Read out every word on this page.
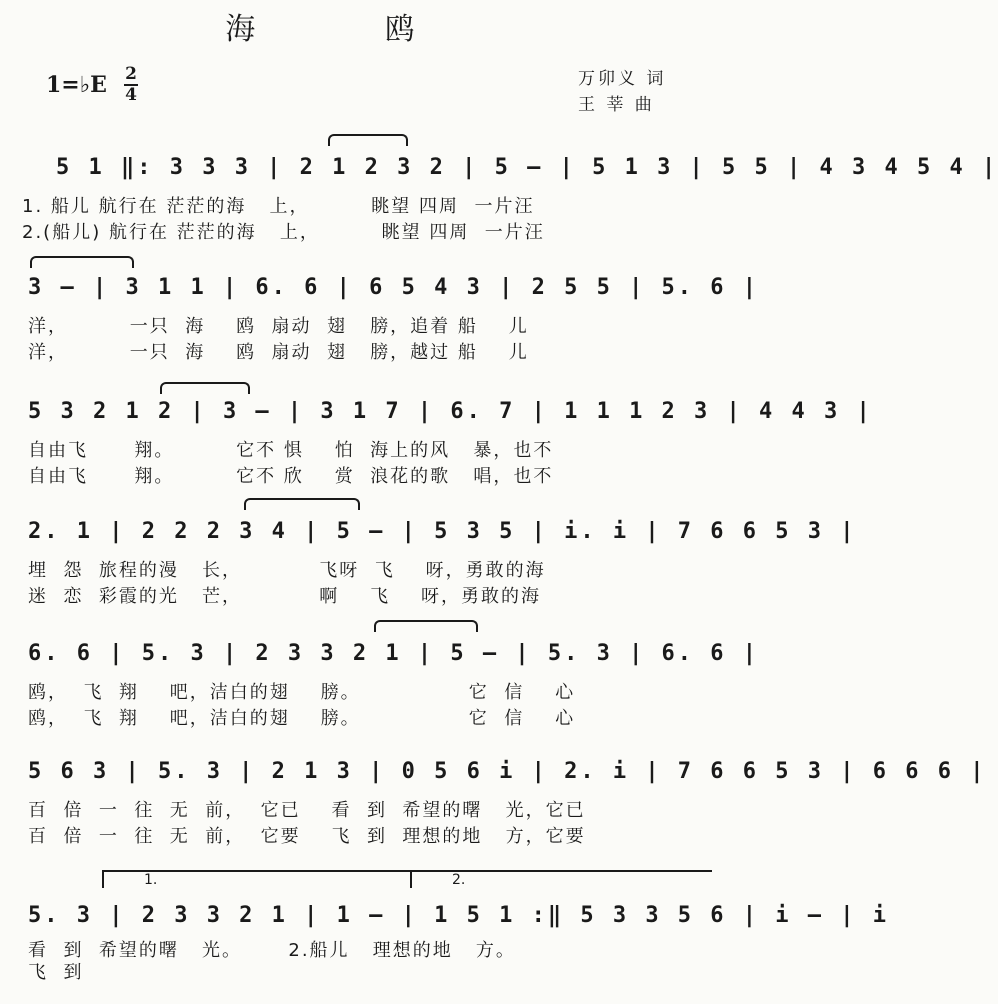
海 鸥
1=♭E 2
4
万卯义 词
王 莘 曲
5 1 ‖: 3 3 3 | 2 1 2 3 2 | 5 — | 5 1 3 | 5 5 | 4 3 4 5 4 |
1. 船儿 航行在 茫茫的海   上，        眺望 四周  一片汪
2.(船儿) 航行在 茫茫的海   上，        眺望 四周  一片汪
3 — | 3 1 1 | 6. 6 | 6 5 4 3 | 2 5 5 | 5. 6 |
洋，        一只  海    鸥  扇动  翅   膀，追着 船    儿
洋，        一只  海    鸥  扇动  翅   膀，越过 船    儿
5 3 2 1 2 | 3 — | 3 1 7 | 6. 7 | 1 1 1 2 3 | 4 4 3 |
自由飞      翔。        它不 惧    怕  海上的风   暴，也不
自由飞      翔。        它不 欣    赏  浪花的歌   唱，也不
2. 1 | 2 2 2 3 4 | 5 — | 5 3 5 | i. i | 7 6 6 5 3 |
埋  怨  旅程的漫   长，          飞呀  飞    呀，勇敢的海
迷  恋  彩霞的光   芒，          啊    飞    呀，勇敢的海
6. 6 | 5. 3 | 2 3 3 2 1 | 5 — | 5. 3 | 6. 6 |
鸥，  飞  翔    吧，洁白的翅    膀。              它  信    心
鸥，  飞  翔    吧，洁白的翅    膀。              它  信    心
5 6 3 | 5. 3 | 2 1 3 | 0 5 6 i | 2. i | 7 6 6 5 3 | 6 6 6 |
百  倍  一  往  无  前，  它已    看  到  希望的曙   光，它已
百  倍  一  往  无  前，  它要    飞  到  理想的地   方，它要
1.	2.
5. 3 | 2 3 3 2 1 | 1 — | 1 5 1 :‖ 5 3 3 5 6 | i — | i
看  到  希望的曙   光。      2.船儿   理想的地   方。
飞  到
